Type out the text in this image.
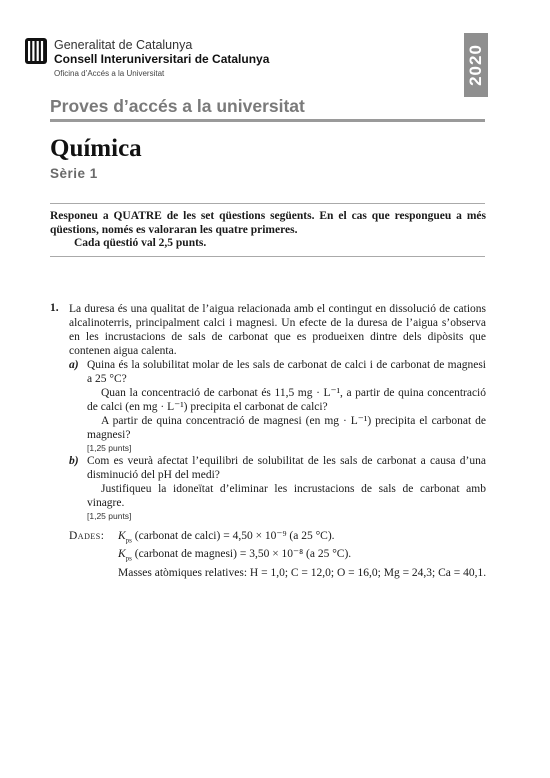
Generalitat de Catalunya
Consell Interuniversitari de Catalunya
Oficina d’Accés a la Universitat	2020
Proves d’accés a la universitat
Química
Sèrie 1
Responeu a QUATRE de les set qüestions següents. En el cas que respongueu a més qüestions, només es valoraran les quatre primeres.
Cada qüestió val 2,5 punts.
1. La duresa és una qualitat de l’aigua relacionada amb el contingut en dissolució de cations alcalinoterris, principalment calci i magnesi. Un efecte de la duresa de l’aigua s’observa en les incrustacions de sals de carbonat que es produeixen dintre dels dipòsits que contenen aigua calenta.
a) Quina és la solubilitat molar de les sals de carbonat de calci i de carbonat de magnesi a 25 °C?
Quan la concentració de carbonat és 11,5 mg · L⁻¹, a partir de quina concentració de calci (en mg · L⁻¹) precipita el carbonat de calci?
A partir de quina concentració de magnesi (en mg · L⁻¹) precipita el carbonat de magnesi?
[1,25 punts]
b) Com es veurà afectat l’equilibri de solubilitat de les sals de carbonat a causa d’una disminució del pH del medi?
Justifiqueu la idoneïtat d’eliminar les incrustacions de sals de carbonat amb vinagre.
[1,25 punts]
Dades: $K_{ps}$ (carbonat de calci) = 4,50 × 10⁻⁹ (a 25 °C).
$K_{ps}$ (carbonat de magnesi) = 3,50 × 10⁻⁸ (a 25 °C).
Masses atòmiques relatives: H = 1,0; C = 12,0; O = 16,0; Mg = 24,3; Ca = 40,1.
